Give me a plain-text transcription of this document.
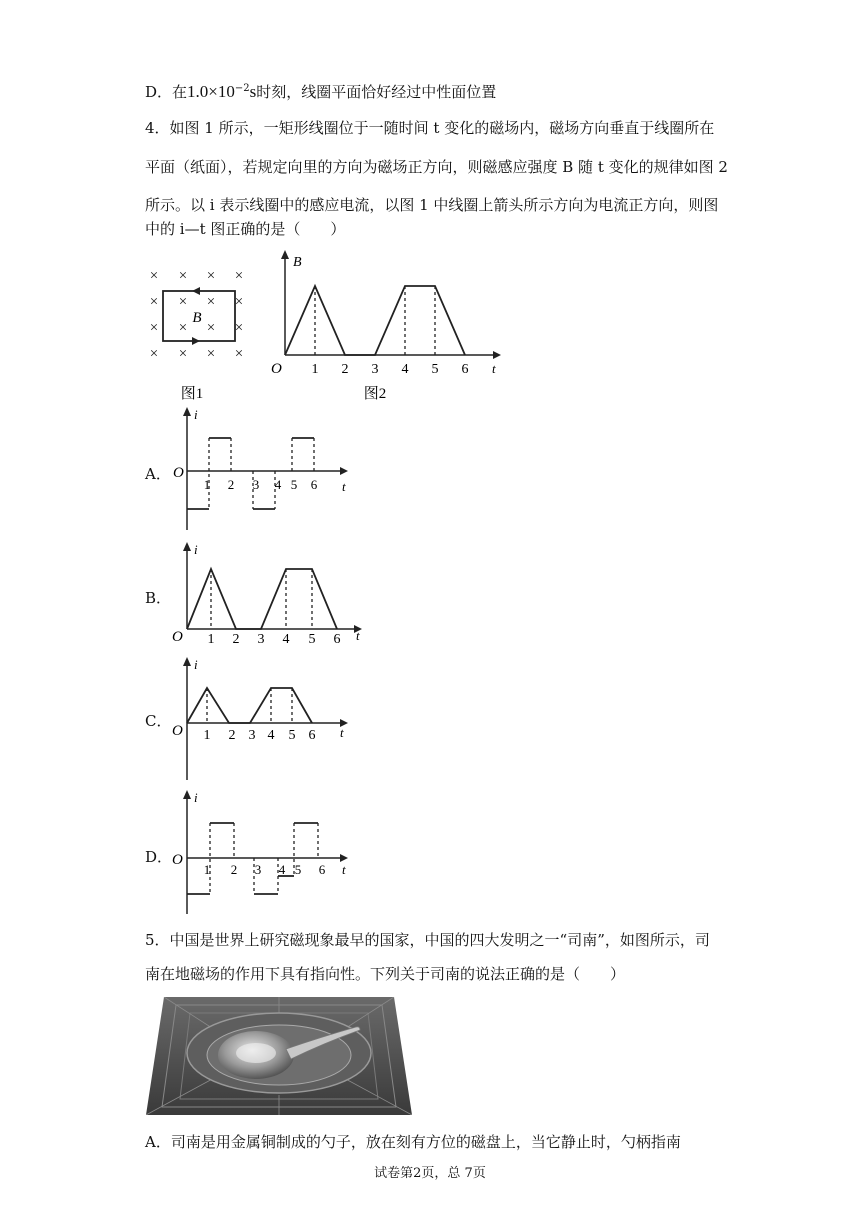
D．在$1.0\times 10^{-2}s$时刻，线圈平面恰好经过中性面位置
4．如图 1 所示，一矩形线圈位于一随时间 t 变化的磁场内，磁场方向垂直于线圈所在
平面（纸面），若规定向里的方向为磁场正方向，则磁感应强度 B 随 t 变化的规律如图 2
所示。以 i 表示线圈中的感应电流，以图 1 中线圈上箭头所示方向为电流正方向，则图
中的 i—t 图正确的是（　　）
× × × ×
× × × ×
× × × ×
× × × ×
B
图1
B
O	t
1 2 3 4 5 6
图2
A．
i
O
t
1 2 3 4 5 6
B．
i
O	t
1 2 3 4 5 6
C．
i
O	t
1 2 3 4 5 6
D．
i
O
t
1 2 3 4 5 6
5．中国是世界上研究磁现象最早的国家，中国的四大发明之一“司南”，如图所示，司
南在地磁场的作用下具有指向性。下列关于司南的说法正确的是（　　）
A．司南是用金属铜制成的勺子，放在刻有方位的磁盘上，当它静止时，勺柄指南
试卷第2页，总 7页
